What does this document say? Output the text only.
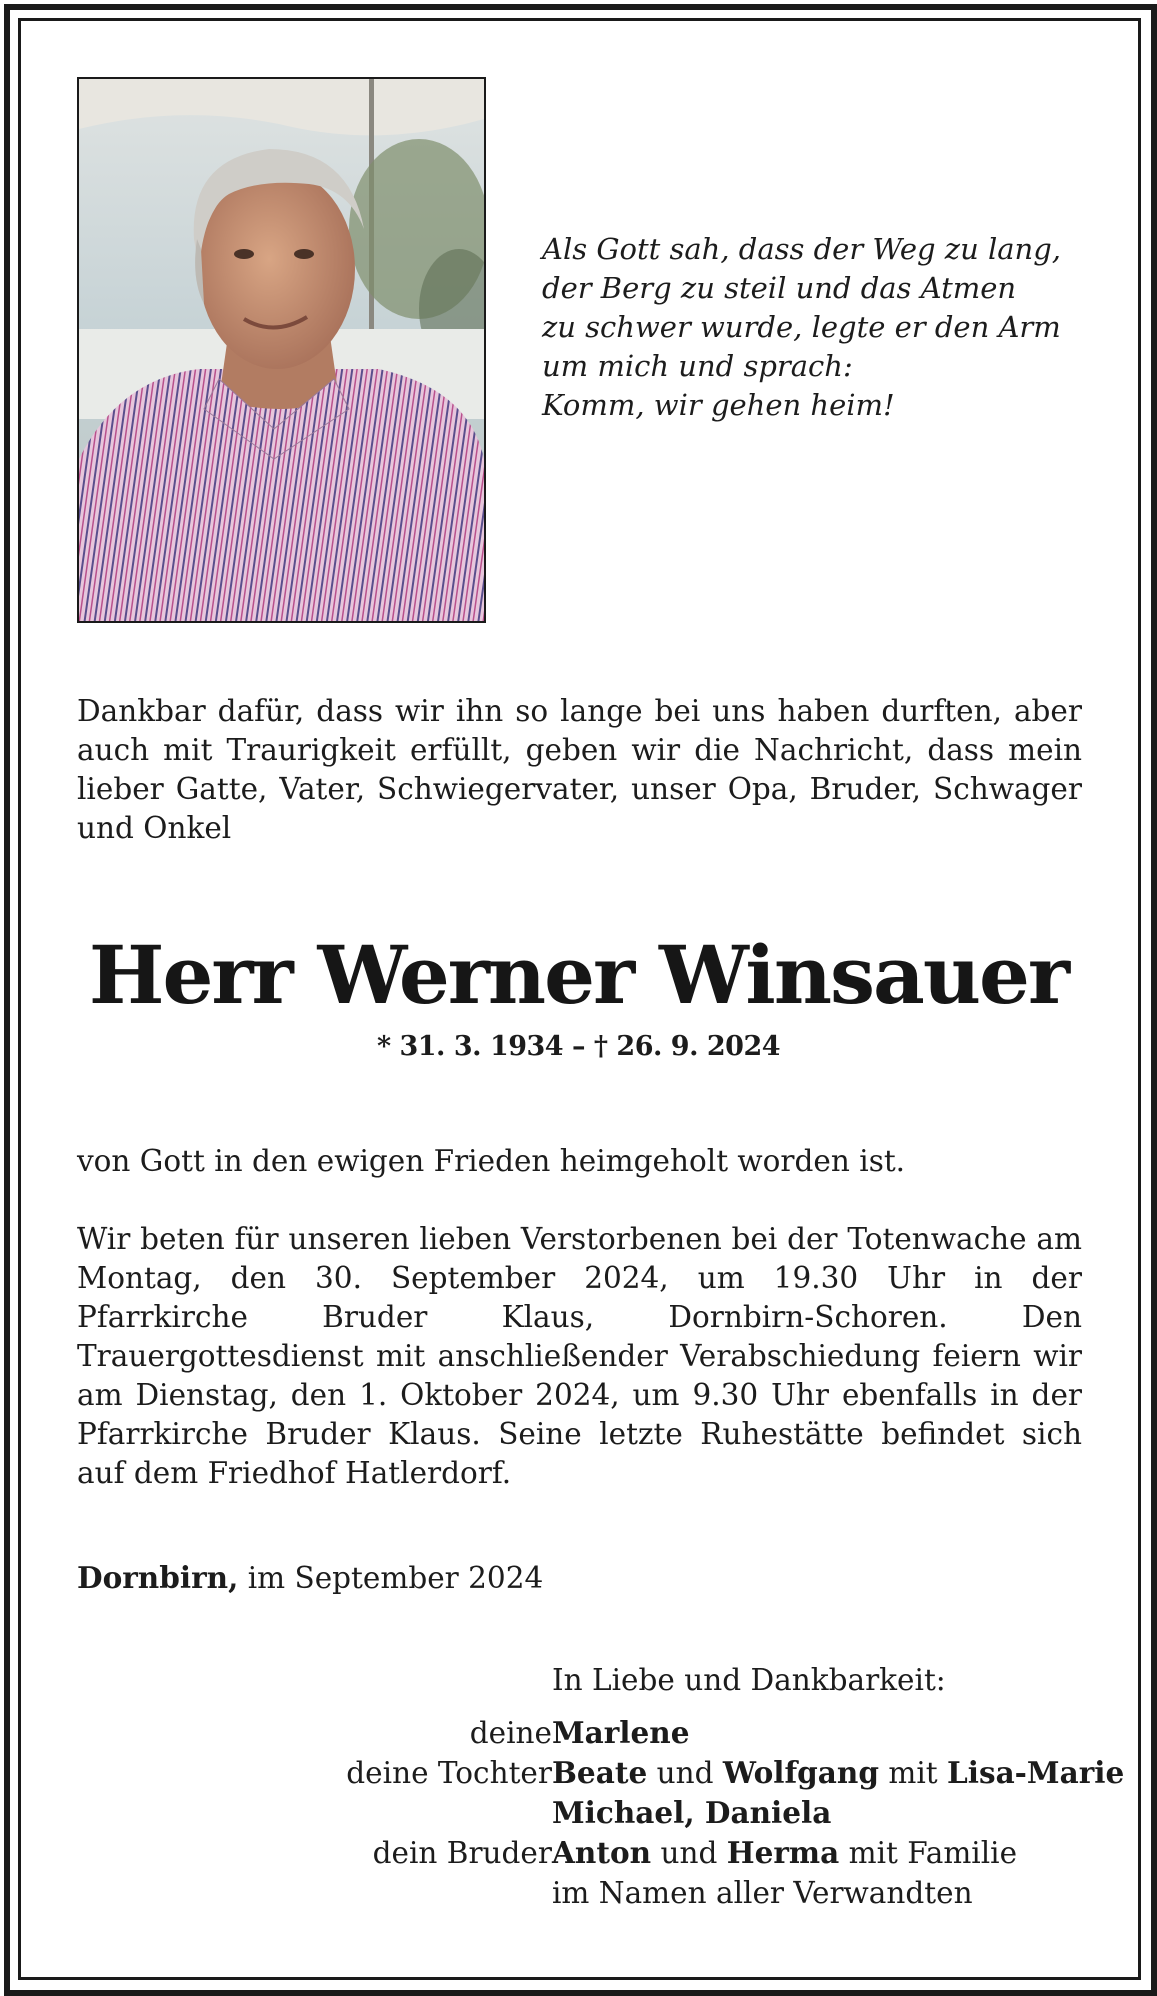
Als Gott sah, dass der Weg zu lang,
der Berg zu steil und das Atmen
zu schwer wurde, legte er den Arm
um mich und sprach:
Komm, wir gehen heim!
Dankbar dafür, dass wir ihn so lange bei uns haben durften, aber auch mit Traurigkeit erfüllt, geben wir die Nachricht, dass mein lieber Gatte, Vater, Schwiegervater, unser Opa, Bruder, Schwager und Onkel
Herr Werner Winsauer
* 31. 3. 1934 – † 26. 9. 2024
von Gott in den ewigen Frieden heimgeholt worden ist.
Wir beten für unseren lieben Verstorbenen bei der Totenwache am Montag, den 30. September 2024, um 19.30 Uhr in der Pfarrkirche Bruder Klaus, Dornbirn-Schoren. Den Trauergottesdienst mit anschließender Verabschiedung feiern wir am Dienstag, den 1. Oktober 2024, um 9.30 Uhr ebenfalls in der Pfarrkirche Bruder Klaus. Seine letzte Ruhestätte befindet sich auf dem Friedhof Hatlerdorf.
Dornbirn, im September 2024
In Liebe und Dankbarkeit:
deine Marlene
deine Tochter Beate und Wolfgang mit Lisa-Marie
Michael, Daniela
dein Bruder Anton und Herma mit Familie
im Namen aller Verwandten
